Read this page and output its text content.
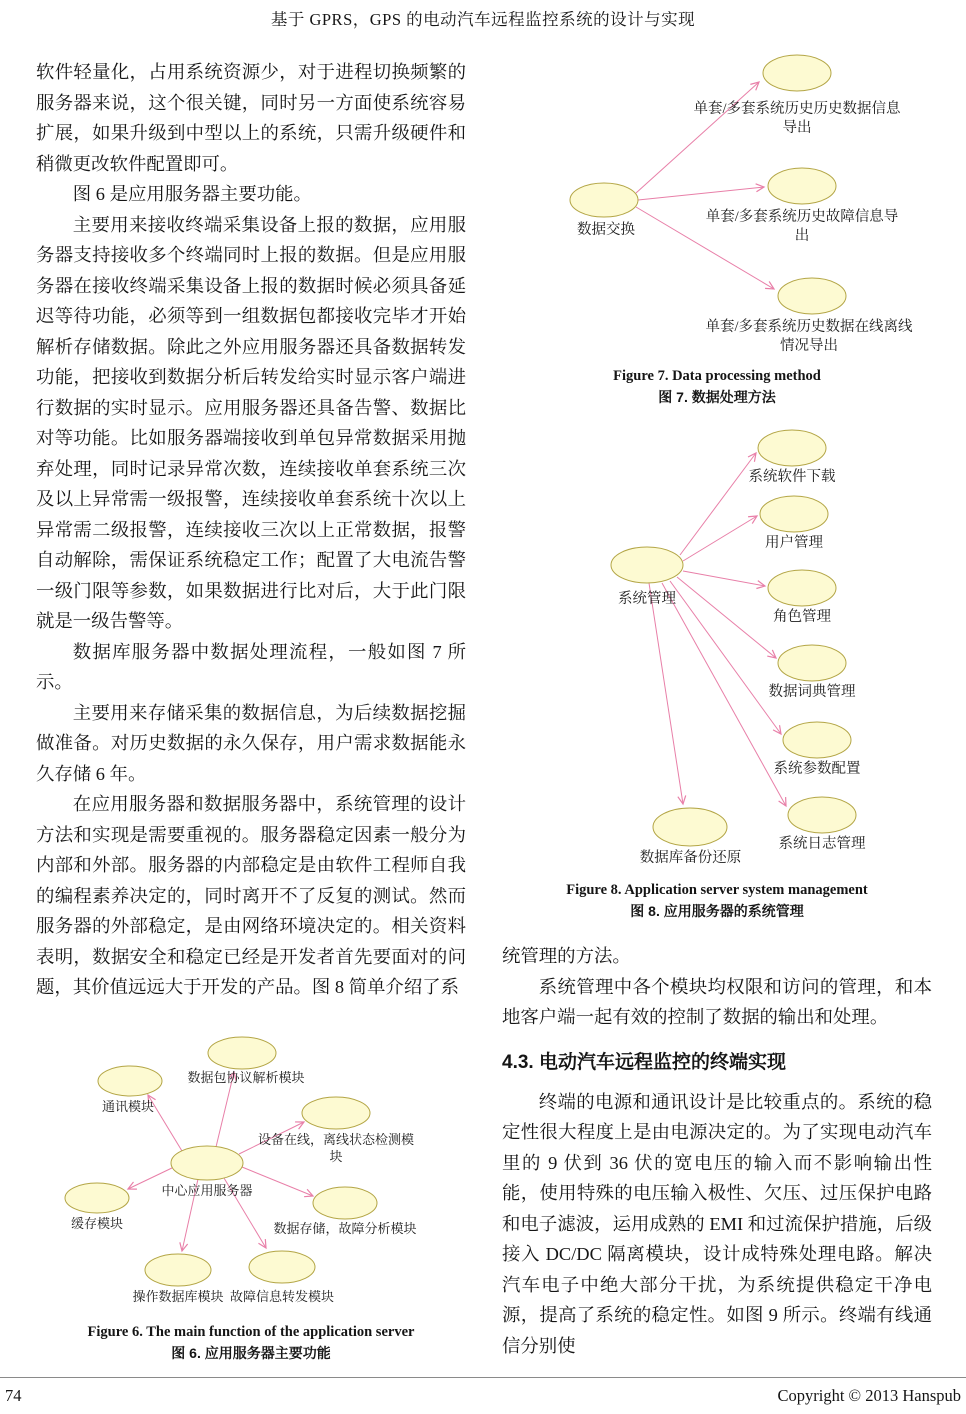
基于 GPRS，GPS 的电动汽车远程监控系统的设计与实现

软件轻量化，占用系统资源少，对于进程切换频繁的服务器来说，这个很关键，同时另一方面使系统容易扩展，如果升级到中型以上的系统，只需升级硬件和稍微更改软件配置即可。

图 6 是应用服务器主要功能。

主要用来接收终端采集设备上报的数据，应用服务器支持接收多个终端同时上报的数据。但是应用服务器在接收终端采集设备上报的数据时候必须具备延迟等待功能，必须等到一组数据包都接收完毕才开始解析存储数据。除此之外应用服务器还具备数据转发功能，把接收到数据分析后转发给实时显示客户端进行数据的实时显示。应用服务器还具备告警、数据比对等功能。比如服务器端接收到单包异常数据采用抛弃处理，同时记录异常次数，连续接收单套系统三次及以上异常需一级报警，连续接收单套系统十次以上异常需二级报警，连续接收三次以上正常数据，报警自动解除，需保证系统稳定工作；配置了大电流告警一级门限等参数，如果数据进行比对后，大于此门限就是一级告警等。

数据库服务器中数据处理流程，一般如图 7 所示。

主要用来存储采集的数据信息，为后续数据挖掘做准备。对历史数据的永久保存，用户需求数据能永久存储 6 年。

在应用服务器和数据服务器中，系统管理的设计方法和实现是需要重视的。服务器稳定因素一般分为内部和外部。服务器的内部稳定是由软件工程师自我的编程素养决定的，同时离开不了反复的测试。然而服务器的外部稳定，是由网络环境决定的。相关资料表明，数据安全和稳定已经是开发者首先要面对的问题，其价值远远大于开发的产品。图 8 简单介绍了系

数据交换
单套/多套系统历史历史数据信息导出
单套/多套系统历史故障信息导出
单套/多套系统历史数据在线离线情况导出
Figure 7. Data processing method
图 7. 数据处理方法
系统管理
系统软件下载
用户管理
角色管理
数据词典管理
系统参数配置
系统日志管理
数据库备份还原
Figure 8. Application server system management
图 8. 应用服务器的系统管理

统管理的方法。

系统管理中各个模块均权限和访问的管理，和本地客户端一起有效的控制了数据的输出和处理。

4.3. 电动汽车远程监控的终端实现

终端的电源和通讯设计是比较重点的。系统的稳定性很大程度上是由电源决定的。为了实现电动汽车里的 9 伏到 36 伏的宽电压的输入而不影响输出性能，使用特殊的电压输入极性、欠压、过压保护电路和电子滤波，运用成熟的 EMI 和过流保护措施，后级接入 DC/DC 隔离模块，设计成特殊处理电路。解决汽车电子中绝大部分干扰，为系统提供稳定干净电源，提高了系统的稳定性。如图 9 所示。终端有线通信分别使

中心应用服务器
数据包协议解析模块
通讯模块
设备在线，离线状态检测模块
缓存模块	数据存储，故障分析模块
操作数据库模块 故障信息转发模块
Figure 6. The main function of the application server
图 6. 应用服务器主要功能
74	Copyright © 2013 Hanspub
